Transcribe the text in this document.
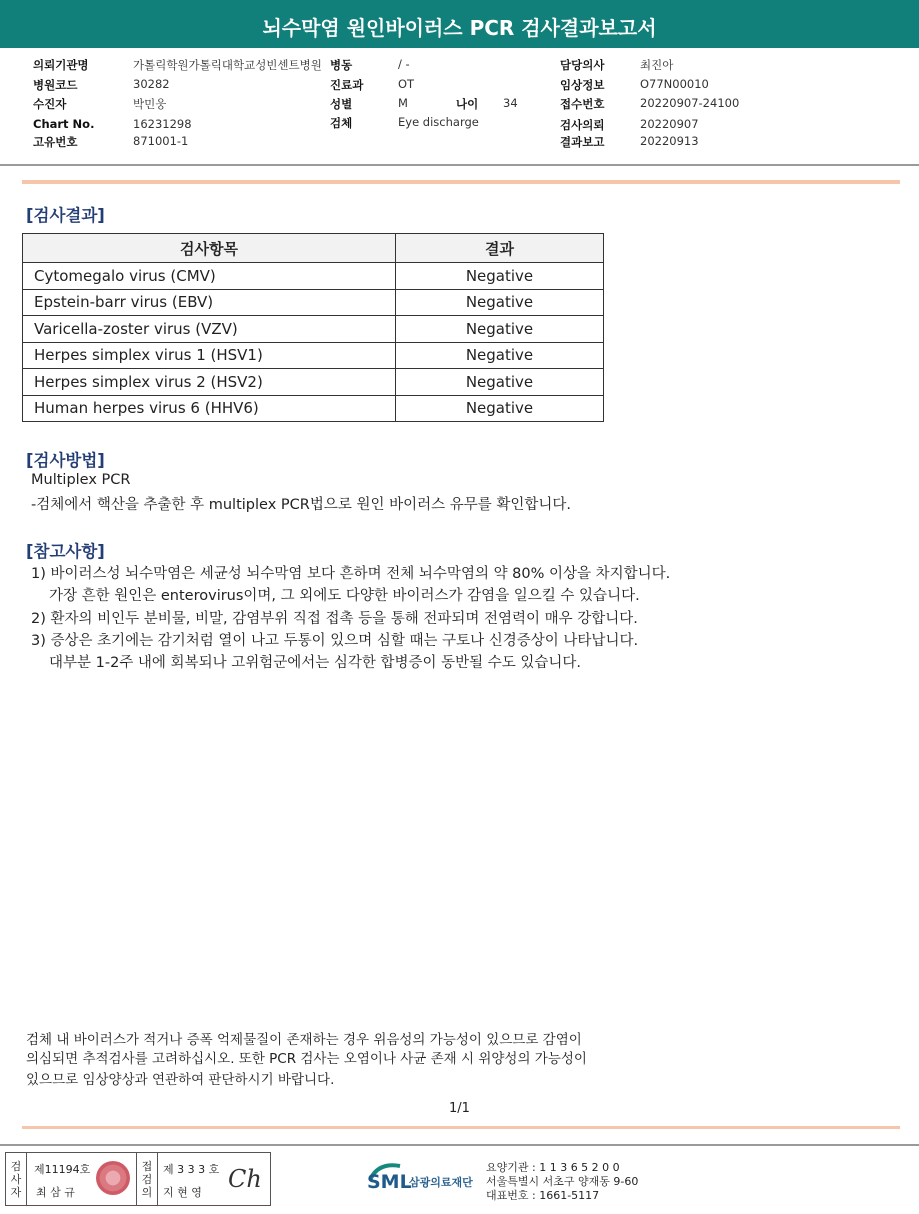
뇌수막염 원인바이러스 PCR 검사결과보고서
의뢰기관명	가톨릭학원가톨릭대학교성빈센트병원 병동	/ -	담당의사	최진아
병원코드	30282	진료과	OT	임상정보	O77N00010
수진자	박민웅	성별	M	나이 34	접수번호	20220907-24100
Chart No.	16231298	검체	Eye discharge	검사의뢰	20220907
고유번호	871001-1	결과보고	20220913
[검사결과]
검사항목	결과
Cytomegalo virus (CMV)	Negative
Epstein-barr virus (EBV)	Negative
Varicella-zoster virus (VZV)	Negative
Herpes simplex virus 1 (HSV1)	Negative
Herpes simplex virus 2 (HSV2)	Negative
Human herpes virus 6 (HHV6)	Negative
[검사방법]
Multiplex PCR
-검체에서 핵산을 추출한 후 multiplex PCR법으로 원인 바이러스 유무를 확인합니다.
[참고사항]
1) 바이러스성 뇌수막염은 세균성 뇌수막염 보다 흔하며 전체 뇌수막염의 약 80% 이상을 차지합니다.
가장 흔한 원인은 enterovirus이며, 그 외에도 다양한 바이러스가 감염을 일으킬 수 있습니다.
2) 환자의 비인두 분비물, 비말, 감염부위 직접 접촉 등을 통해 전파되며 전염력이 매우 강합니다.
3) 증상은 초기에는 감기처럼 열이 나고 두통이 있으며 심할 때는 구토나 신경증상이 나타납니다.
대부분 1-2주 내에 회복되나 고위험군에서는 심각한 합병증이 동반될 수도 있습니다.
검체 내 바이러스가 적거나 증폭 억제물질이 존재하는 경우 위음성의 가능성이 있으므로 감염이
의심되면 추적검사를 고려하십시오. 또한 PCR 검사는 오염이나 사균 존재 시 위양성의 가능성이
있으므로 임상양상과 연관하여 판단하시기 바랍니다.
1/1
검사자
제11194호
최 삼 규
접검의
제 3 3 3 호
지 현 영 Ch	SML
삼광의료재단
요양기관 : 1 1 3 6 5 2 0 0
서울특별시 서초구 양재동 9-60
대표번호 : 1661-5117
